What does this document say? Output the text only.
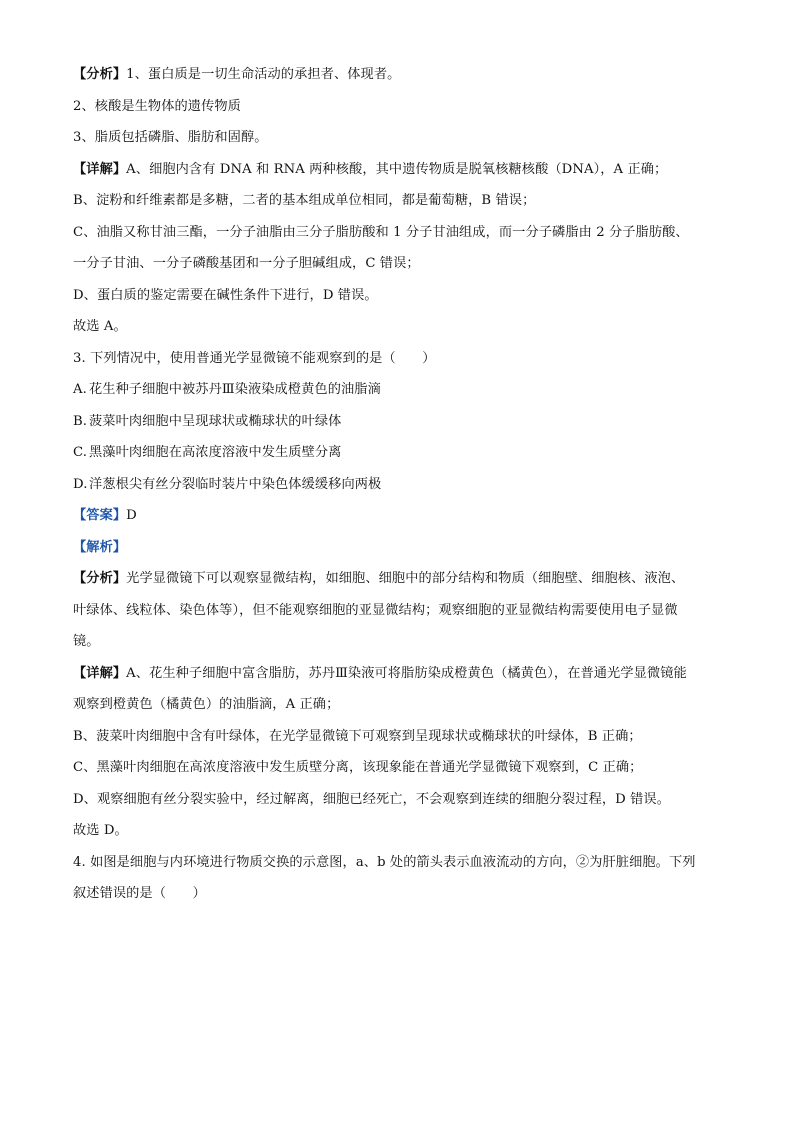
【分析】1、蛋白质是一切生命活动的承担者、体现者。
2、核酸是生物体的遗传物质
3、脂质包括磷脂、脂肪和固醇。
【详解】A、细胞内含有 DNA 和 RNA 两种核酸，其中遗传物质是脱氧核糖核酸（DNA），A 正确；
B、淀粉和纤维素都是多糖，二者的基本组成单位相同，都是葡萄糖，B 错误；
C、油脂又称甘油三酯，一分子油脂由三分子脂肪酸和 1 分子甘油组成，而一分子磷脂由 2 分子脂肪酸、
一分子甘油、一分子磷酸基团和一分子胆碱组成，C 错误；
D、蛋白质的鉴定需要在碱性条件下进行，D 错误。
故选 A。
3. 下列情况中，使用普通光学显微镜不能观察到的是（　　）
A. 花生种子细胞中被苏丹Ⅲ染液染成橙黄色的油脂滴
B. 菠菜叶肉细胞中呈现球状或椭球状的叶绿体
C. 黑藻叶肉细胞在高浓度溶液中发生质壁分离
D. 洋葱根尖有丝分裂临时装片中染色体缓缓移向两极
【答案】D
【解析】
【分析】光学显微镜下可以观察显微结构，如细胞、细胞中的部分结构和物质（细胞壁、细胞核、液泡、
叶绿体、线粒体、染色体等），但不能观察细胞的亚显微结构；观察细胞的亚显微结构需要使用电子显微
镜。
【详解】A、花生种子细胞中富含脂肪，苏丹Ⅲ染液可将脂肪染成橙黄色（橘黄色），在普通光学显微镜能
观察到橙黄色（橘黄色）的油脂滴，A 正确；
B、菠菜叶肉细胞中含有叶绿体，在光学显微镜下可观察到呈现球状或椭球状的叶绿体，B 正确；
C、黑藻叶肉细胞在高浓度溶液中发生质壁分离，该现象能在普通光学显微镜下观察到，C 正确；
D、观察细胞有丝分裂实验中，经过解离，细胞已经死亡，不会观察到连续的细胞分裂过程，D 错误。
故选 D。
4. 如图是细胞与内环境进行物质交换的示意图，a、b 处的箭头表示血液流动的方向，②为肝脏细胞。下列
叙述错误的是（　　）
